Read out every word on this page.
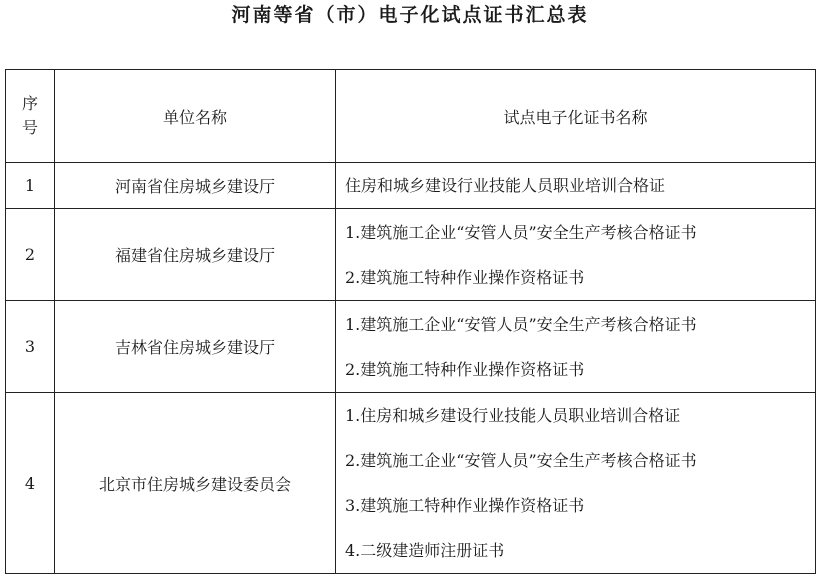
河南等省（市）电子化试点证书汇总表
序
号	单位名称	试点电子化证书名称
1	河南省住房城乡建设厅	住房和城乡建设行业技能人员职业培训合格证

2	福建省住房城乡建设厅	1.建筑施工企业“安管人员”安全生产考核合格证书
2.建筑施工特种作业操作资格证书

3	吉林省住房城乡建设厅	1.建筑施工企业“安管人员”安全生产考核合格证书
2.建筑施工特种作业操作资格证书

4	北京市住房城乡建设委员会	1.住房和城乡建设行业技能人员职业培训合格证
2.建筑施工企业“安管人员”安全生产考核合格证书
3.建筑施工特种作业操作资格证书
4.二级建造师注册证书
